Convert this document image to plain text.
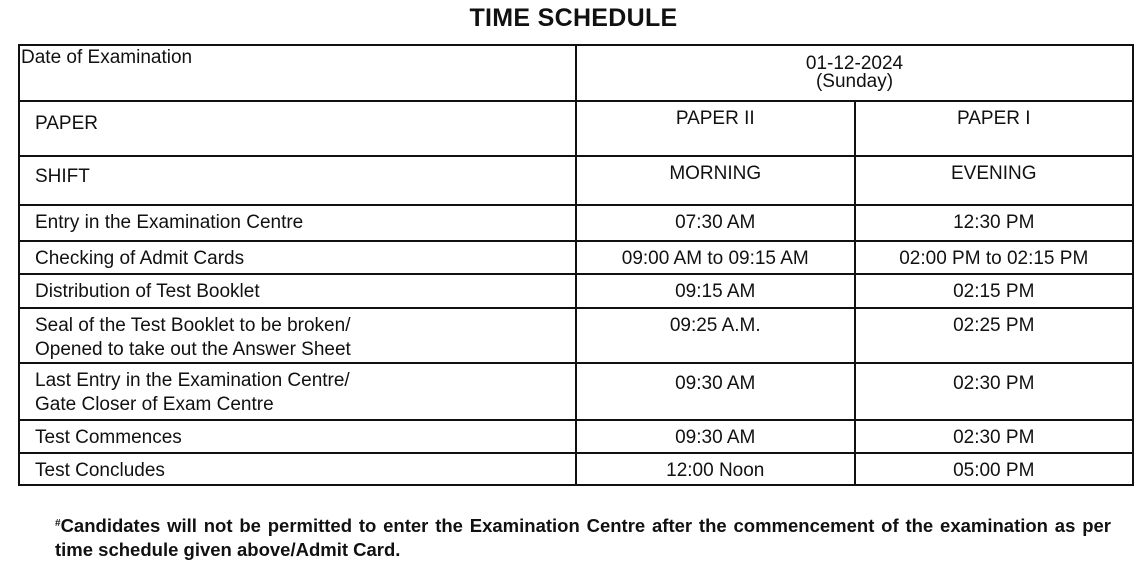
TIME SCHEDULE
Date of Examination	01-12-2024
(Sunday)	

PAPER	PAPER II	PAPER I
SHIFT	MORNING	EVENING
Entry in the Examination Centre	07:30 AM	12:30 PM
Checking of Admit Cards	09:00 AM to 09:15 AM	02:00 PM to 02:15 PM
Distribution of Test Booklet	09:15 AM	02:15 PM

Seal of the Test Booklet to be broken/
Opened to take out the Answer Sheet	09:25 A.M.	02:25 PM

Last Entry in the Examination Centre/
Gate Closer of Exam Centre	09:30 AM	02:30 PM
Test Commences	09:30 AM	02:30 PM
Test Concludes	12:00 Noon	05:00 PM
#Candidates will not be permitted to enter the Examination Centre after the commencement of the examination as per time schedule given above/Admit Card.
